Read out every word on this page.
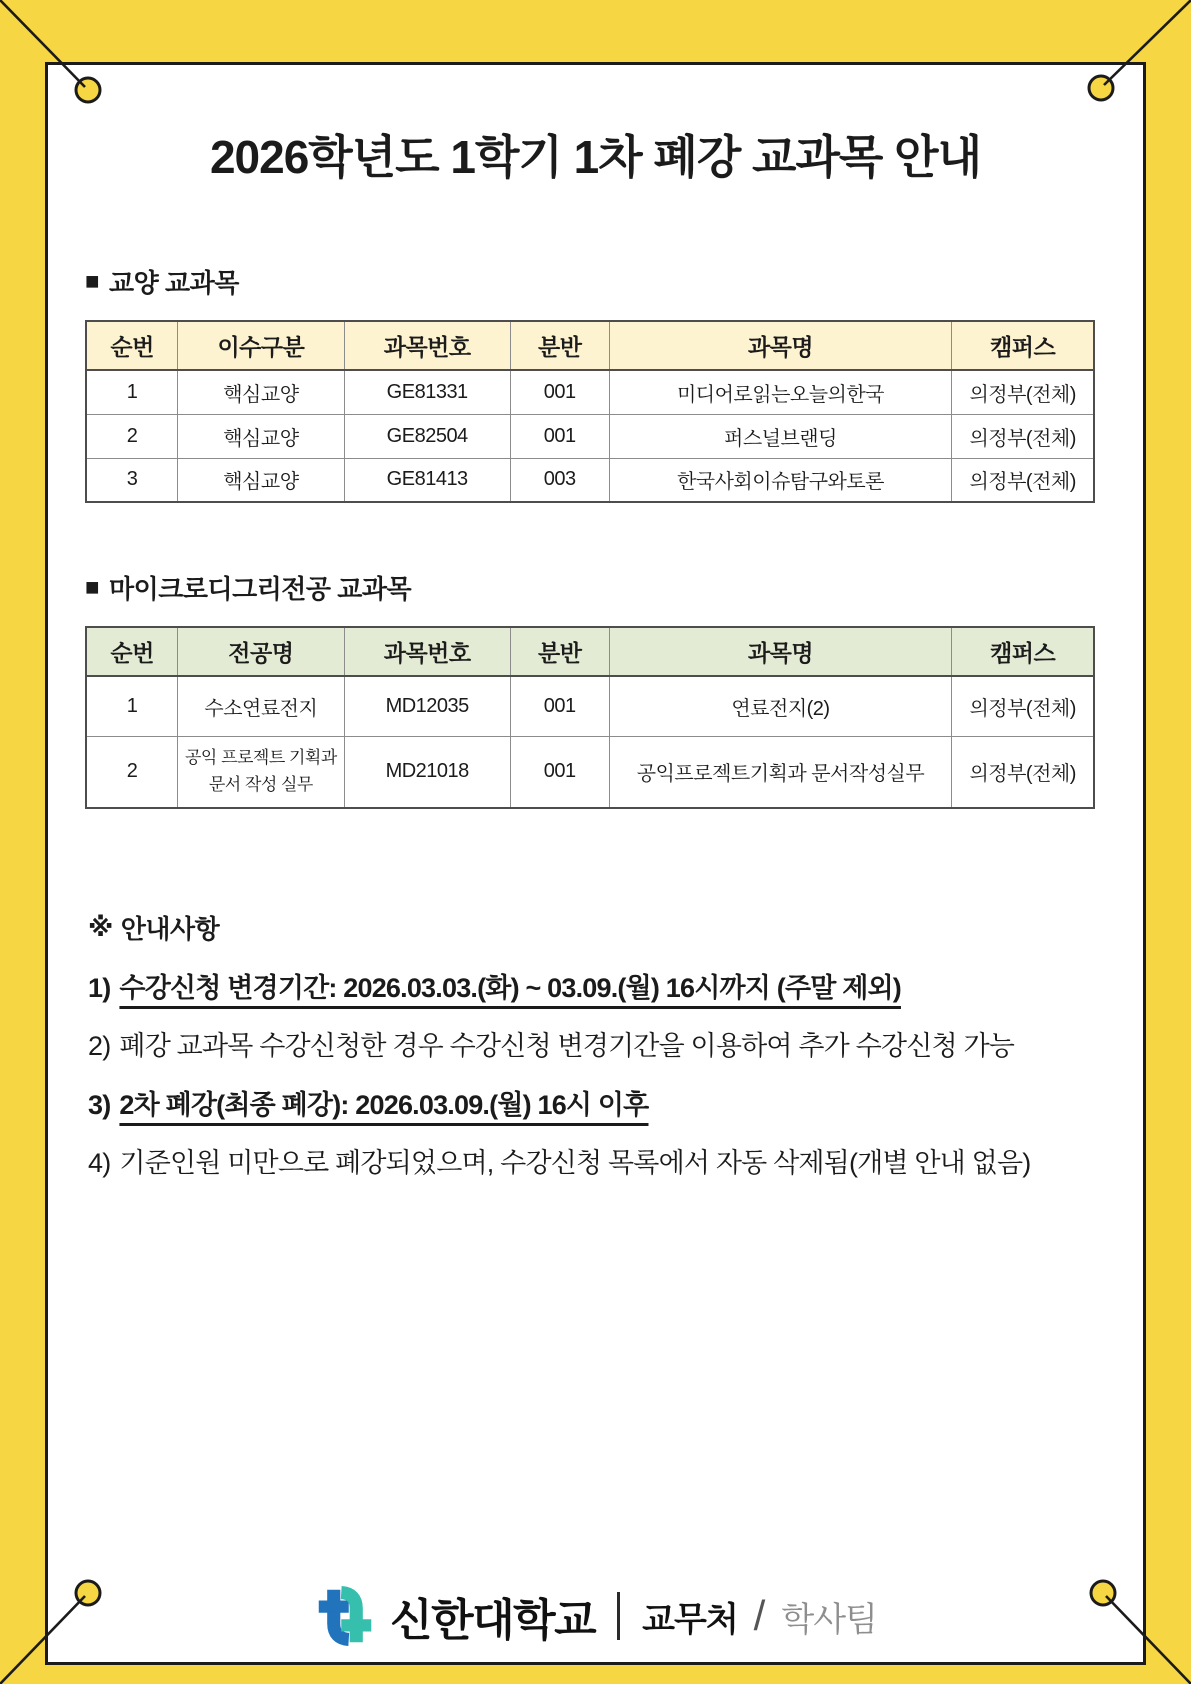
2026학년도 1학기 1차 폐강 교과목 안내
■ 교양 교과목
순번	이수구분	과목번호	분반	과목명	캠퍼스
1	핵심교양	GE81331	001	미디어로읽는오늘의한국	의정부(전체)
2	핵심교양	GE82504	001	퍼스널브랜딩	의정부(전체)
3	핵심교양	GE81413	003	한국사회이슈탐구와토론	의정부(전체)
■ 마이크로디그리전공 교과목
순번	전공명	과목번호	분반	과목명	캠퍼스
1	수소연료전지	MD12035	001	연료전지(2)	의정부(전체)
2	공익 프로젝트 기획과 문서 작성 실무	MD21018	001	공익프로젝트기획과 문서작성실무	의정부(전체)
※ 안내사항
1) 수강신청 변경기간: 2026.03.03.(화) ~ 03.09.(월) 16시까지 (주말 제외)
2) 폐강 교과목 수강신청한 경우 수강신청 변경기간을 이용하여 추가 수강신청 가능
3) 2차 폐강(최종 폐강): 2026.03.09.(월) 16시 이후
4) 기준인원 미만으로 폐강되었으며, 수강신청 목록에서 자동 삭제됨(개별 안내 없음)
신한대학교 교무처 / 학사팀
